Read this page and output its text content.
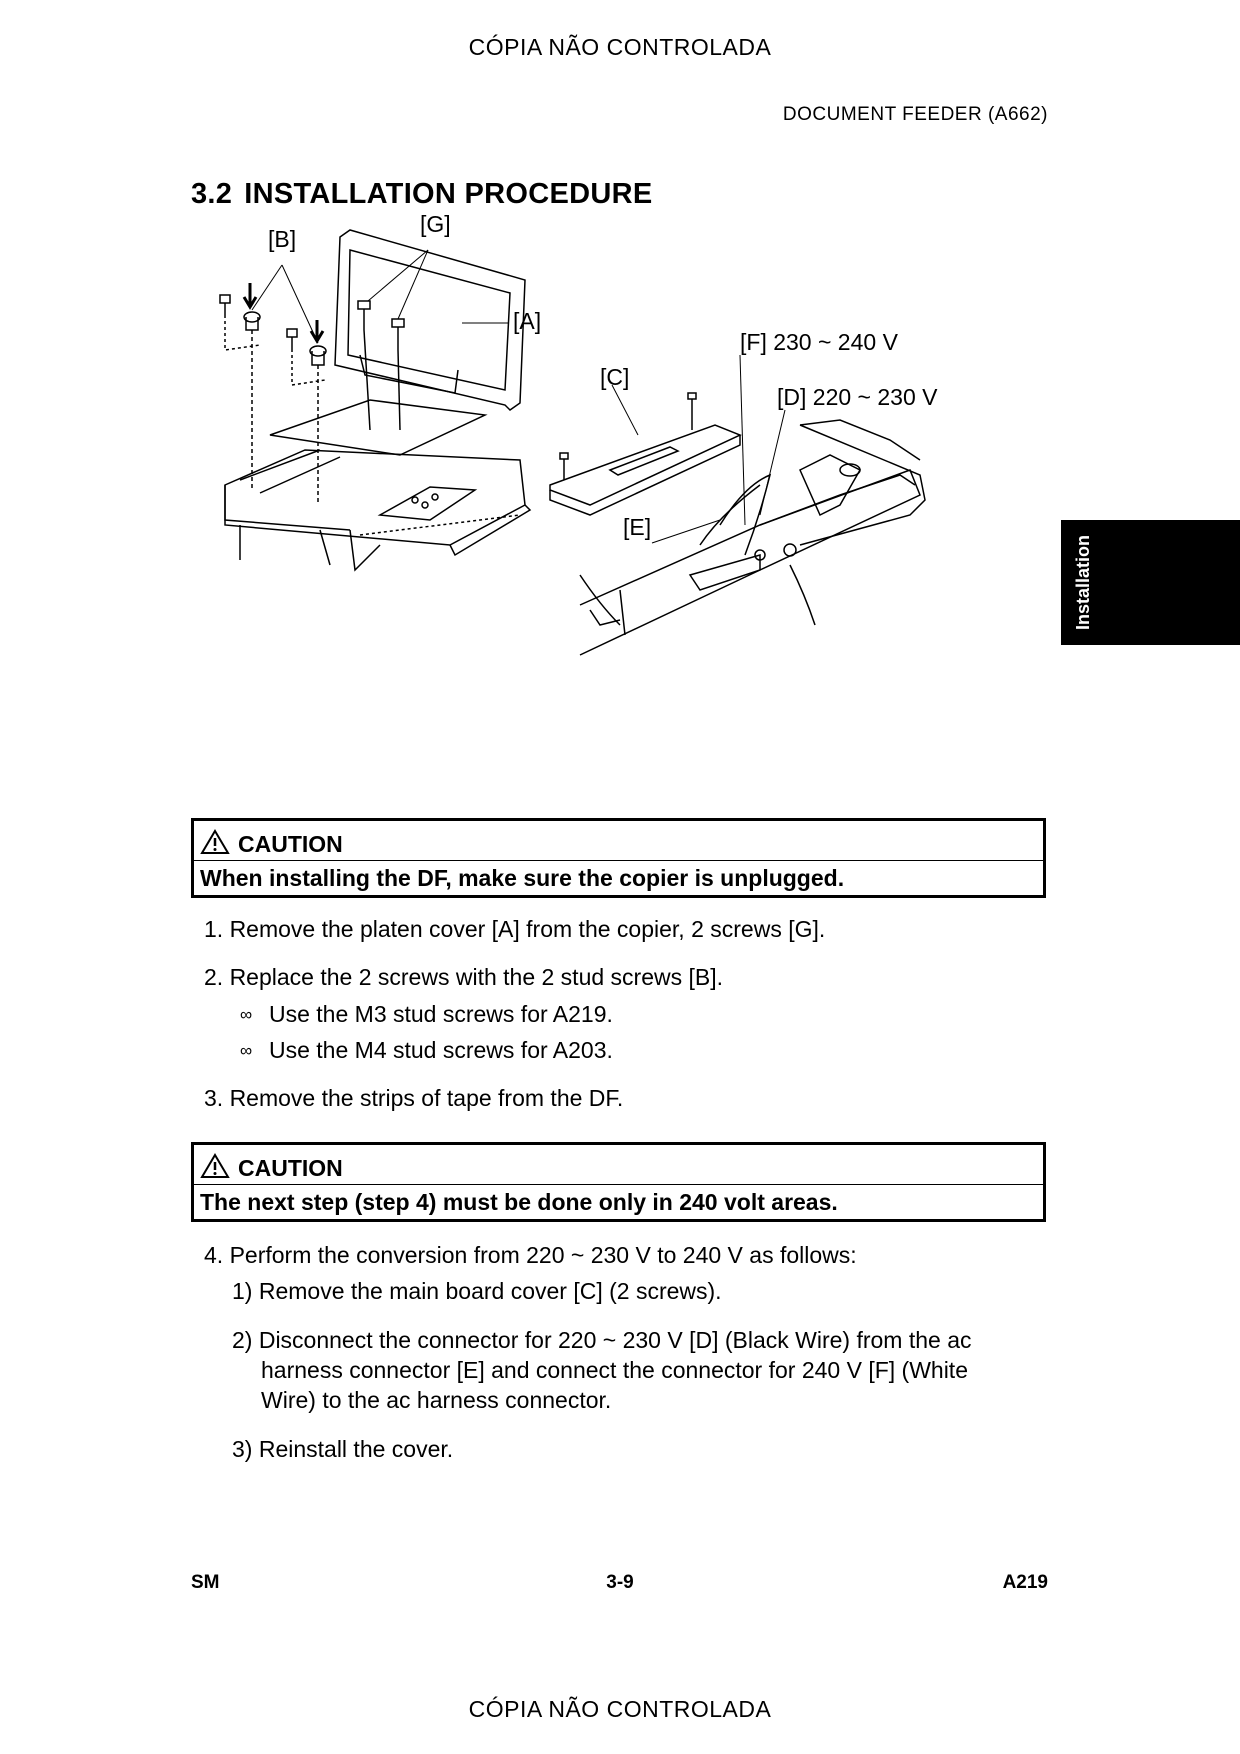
CÓPIA NÃO CONTROLADA
CÓPIA NÃO CONTROLADA
DOCUMENT FEEDER (A662)
3.2 INSTALLATION PROCEDURE
Installation
[B]
[G]
[A]
[C]
[E]
[F] 230 ~ 240 V
[D] 220 ~ 230 V
CAUTION
When installing the DF, make sure the copier is unplugged.
1. Remove the platen cover [A] from the copier, 2 screws [G].
2. Replace the 2 screws with the 2 stud screws [B].
∞ Use the M3 stud screws for A219.
∞ Use the M4 stud screws for A203.
3. Remove the strips of tape from the DF.
CAUTION
The next step (step 4) must be done only in 240 volt areas.
4. Perform the conversion from 220 ~ 230 V to 240 V as follows:
1) Remove the main board cover [C] (2 screws).
2) Disconnect the connector for 220 ~ 230 V [D] (Black Wire) from the ac
harness connector [E] and connect the connector for 240 V [F] (White
Wire) to the ac harness connector.
3) Reinstall the cover.
SM	3-9	A219
